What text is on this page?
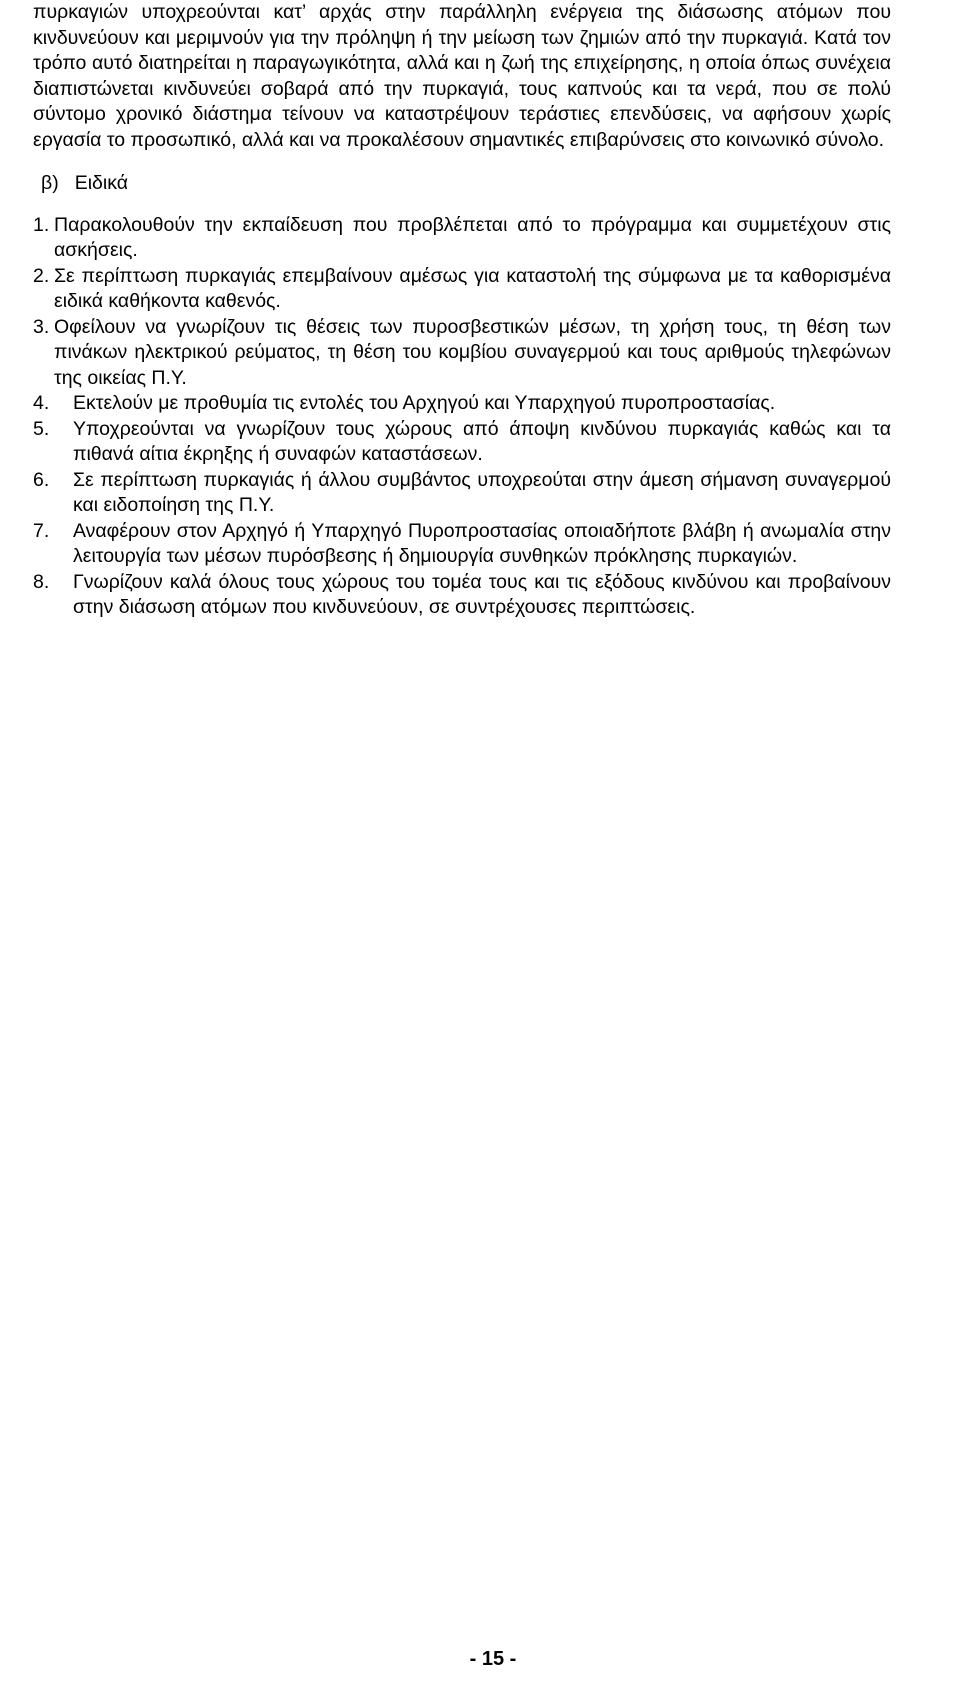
πυρκαγιών υποχρεούνται κατ’ αρχάς στην παράλληλη ενέργεια της διάσωσης ατόμων που κινδυνεύουν και μεριμνούν για την πρόληψη ή την μείωση των ζημιών από την πυρκαγιά. Κατά τον τρόπο αυτό διατηρείται η παραγωγικότητα, αλλά και η ζωή της επιχείρησης, η οποία όπως συνέχεια διαπιστώνεται κινδυνεύει σοβαρά από την πυρκαγιά, τους καπνούς και τα νερά, που σε πολύ σύντομο χρονικό διάστημα τείνουν να καταστρέψουν τεράστιες επενδύσεις, να αφήσουν χωρίς εργασία το προσωπικό, αλλά και να προκαλέσουν σημαντικές επιβαρύνσεις στο κοινωνικό σύνολο.

β) Ειδικά
1. Παρακολουθούν την εκπαίδευση που προβλέπεται από το πρόγραμμα και συμμετέχουν στις ασκήσεις.
2. Σε περίπτωση πυρκαγιάς επεμβαίνουν αμέσως για καταστολή της σύμφωνα με τα καθορισμένα ειδικά καθήκοντα καθενός.
3. Οφείλουν να γνωρίζουν τις θέσεις των πυροσβεστικών μέσων, τη χρήση τους, τη θέση των πινάκων ηλεκτρικού ρεύματος, τη θέση του κομβίου συναγερμού και τους αριθμούς τηλεφώνων της οικείας Π.Υ.
4.	Εκτελούν με προθυμία τις εντολές του Αρχηγού και Υπαρχηγού πυροπροστασίας.
5.	Υποχρεούνται να γνωρίζουν τους χώρους από άποψη κινδύνου πυρκαγιάς καθώς και τα πιθανά αίτια έκρηξης ή συναφών καταστάσεων.
6.	Σε περίπτωση πυρκαγιάς ή άλλου συμβάντος υποχρεούται στην άμεση σήμανση συναγερμού και ειδοποίηση της Π.Υ.
7.	Αναφέρουν στον Αρχηγό ή Υπαρχηγό Πυροπροστασίας οποιαδήποτε βλάβη ή ανωμαλία στην λειτουργία των μέσων πυρόσβεσης ή δημιουργία συνθηκών πρόκλησης πυρκαγιών.
8.	Γνωρίζουν καλά όλους τους χώρους του τομέα τους και τις εξόδους κινδύνου και προβαίνουν στην διάσωση ατόμων που κινδυνεύουν, σε συντρέχουσες περιπτώσεις.
- 15 -
